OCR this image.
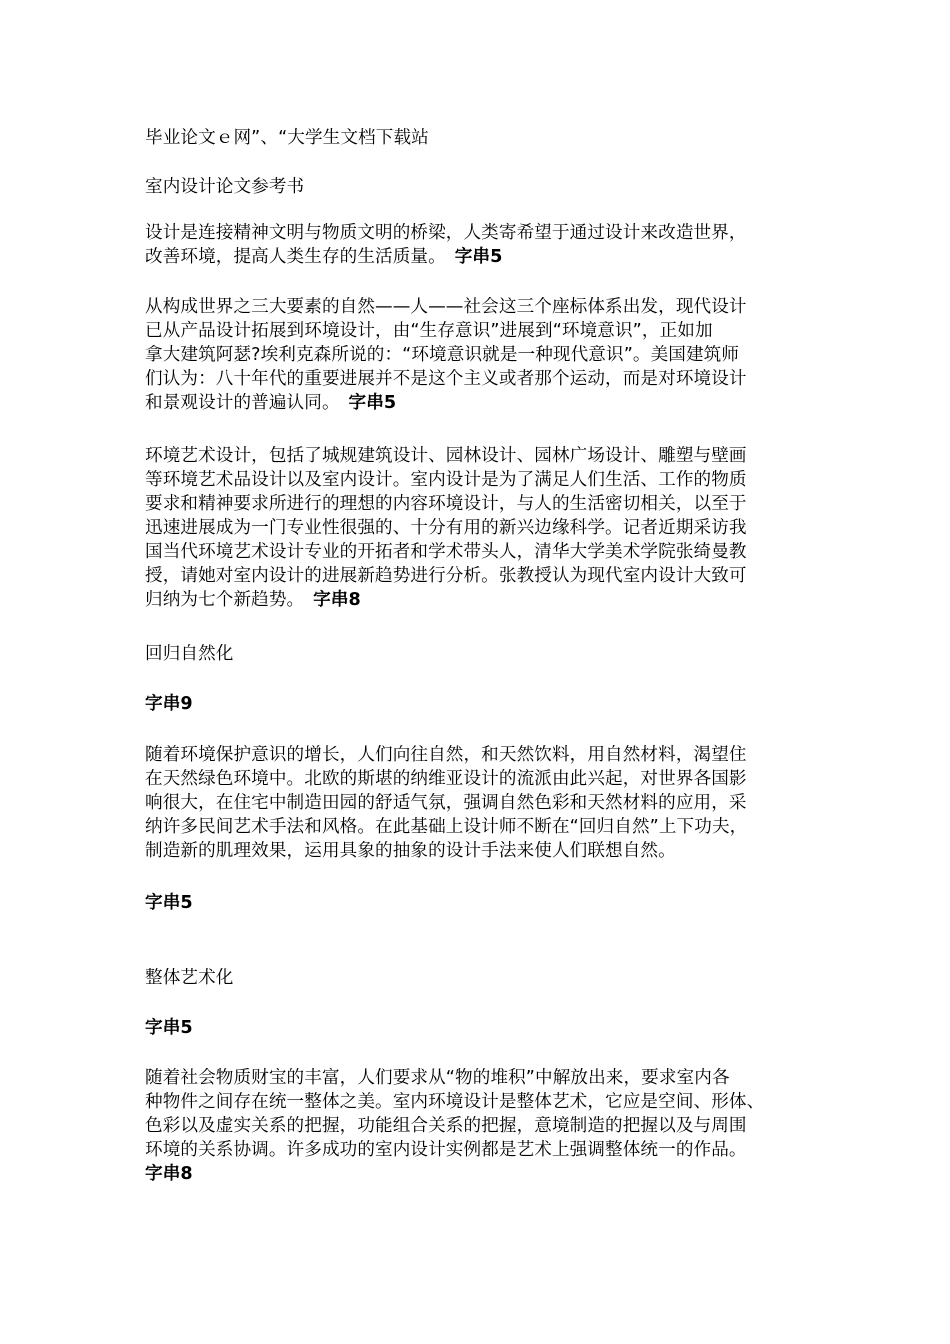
毕业论文ｅ网”、“大学生文档下载站
室内设计论文参考书
设计是连接精神文明与物质文明的桥梁，人类寄希望于通过设计来改造世界，
改善环境，提高人类生存的生活质量。　 字串5
从构成世界之三大要素的自然——人——社会这三个座标体系出发，现代设计
已从产品设计拓展到环境设计，由“生存意识”进展到“环境意识”，正如加
拿大建筑阿瑟?埃利克森所说的：“环境意识就是一种现代意识”。美国建筑师
们认为：八十年代的重要进展并不是这个主义或者那个运动，而是对环境设计
和景观设计的普遍认同。　 字串5
环境艺术设计，包括了城规建筑设计、园林设计、园林广场设计、雕塑与壁画
等环境艺术品设计以及室内设计。室内设计是为了满足人们生活、工作的物质
要求和精神要求所进行的理想的内容环境设计，与人的生活密切相关，以至于
迅速进展成为一门专业性很强的、十分有用的新兴边缘科学。记者近期采访我
国当代环境艺术设计专业的开拓者和学术带头人，清华大学美术学院张绮曼教
授，请她对室内设计的进展新趋势进行分析。张教授认为现代室内设计大致可
归纳为七个新趋势。　 字串8
回归自然化
字串9
随着环境保护意识的增长，人们向往自然，和天然饮料，用自然材料，渴望住
在天然绿色环境中。北欧的斯堪的纳维亚设计的流派由此兴起，对世界各国影
响很大，在住宅中制造田园的舒适气氛，强调自然色彩和天然材料的应用，采
纳许多民间艺术手法和风格。在此基础上设计师不断在“回归自然”上下功夫，
制造新的肌理效果，运用具象的抽象的设计手法来使人们联想自然。
字串5
整体艺术化
字串5
随着社会物质财宝的丰富，人们要求从“物的堆积”中解放出来，要求室内各
种物件之间存在统一整体之美。室内环境设计是整体艺术，它应是空间、形体、
色彩以及虚实关系的把握，功能组合关系的把握，意境制造的把握以及与周围
环境的关系协调。许多成功的室内设计实例都是艺术上强调整体统一的作品。
字串8
